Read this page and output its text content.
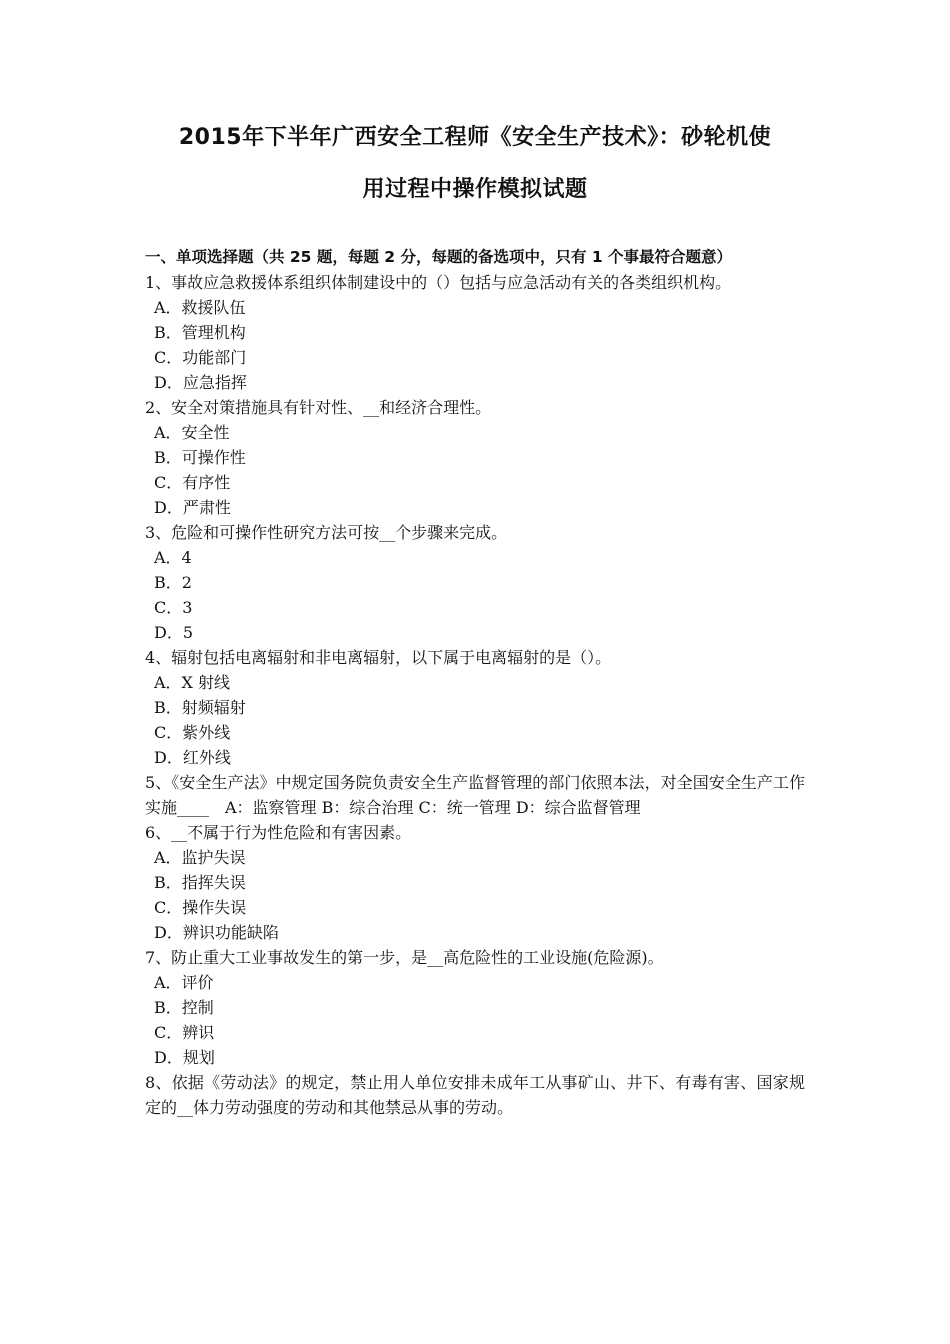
2015年下半年广西安全工程师《安全生产技术》：砂轮机使
用过程中操作模拟试题
一、单项选择题（共 25 题，每题 2 分，每题的备选项中，只有 1 个事最符合题意）
1、事故应急救援体系组织体制建设中的（）包括与应急活动有关的各类组织机构。
A．救援队伍
B．管理机构
C．功能部门
D．应急指挥
2、安全对策措施具有针对性、__和经济合理性。
A．安全性
B．可操作性
C．有序性
D．严肃性
3、危险和可操作性研究方法可按__个步骤来完成。
A．4
B．2
C．3
D．5
4、辐射包括电离辐射和非电离辐射，以下属于电离辐射的是（）。
A．X 射线
B．射频辐射
C．紫外线
D．红外线
5、《安全生产法》中规定国务院负责安全生产监督管理的部门依照本法，对全国安全生产工作实施____　A：监察管理 B：综合治理 C：统一管理 D：综合监督管理
6、__不属于行为性危险和有害因素。
A．监护失误
B．指挥失误
C．操作失误
D．辨识功能缺陷
7、防止重大工业事故发生的第一步，是__高危险性的工业设施(危险源)。
A．评价
B．控制
C．辨识
D．规划
8、依据《劳动法》的规定，禁止用人单位安排未成年工从事矿山、井下、有毒有害、国家规定的__体力劳动强度的劳动和其他禁忌从事的劳动。
